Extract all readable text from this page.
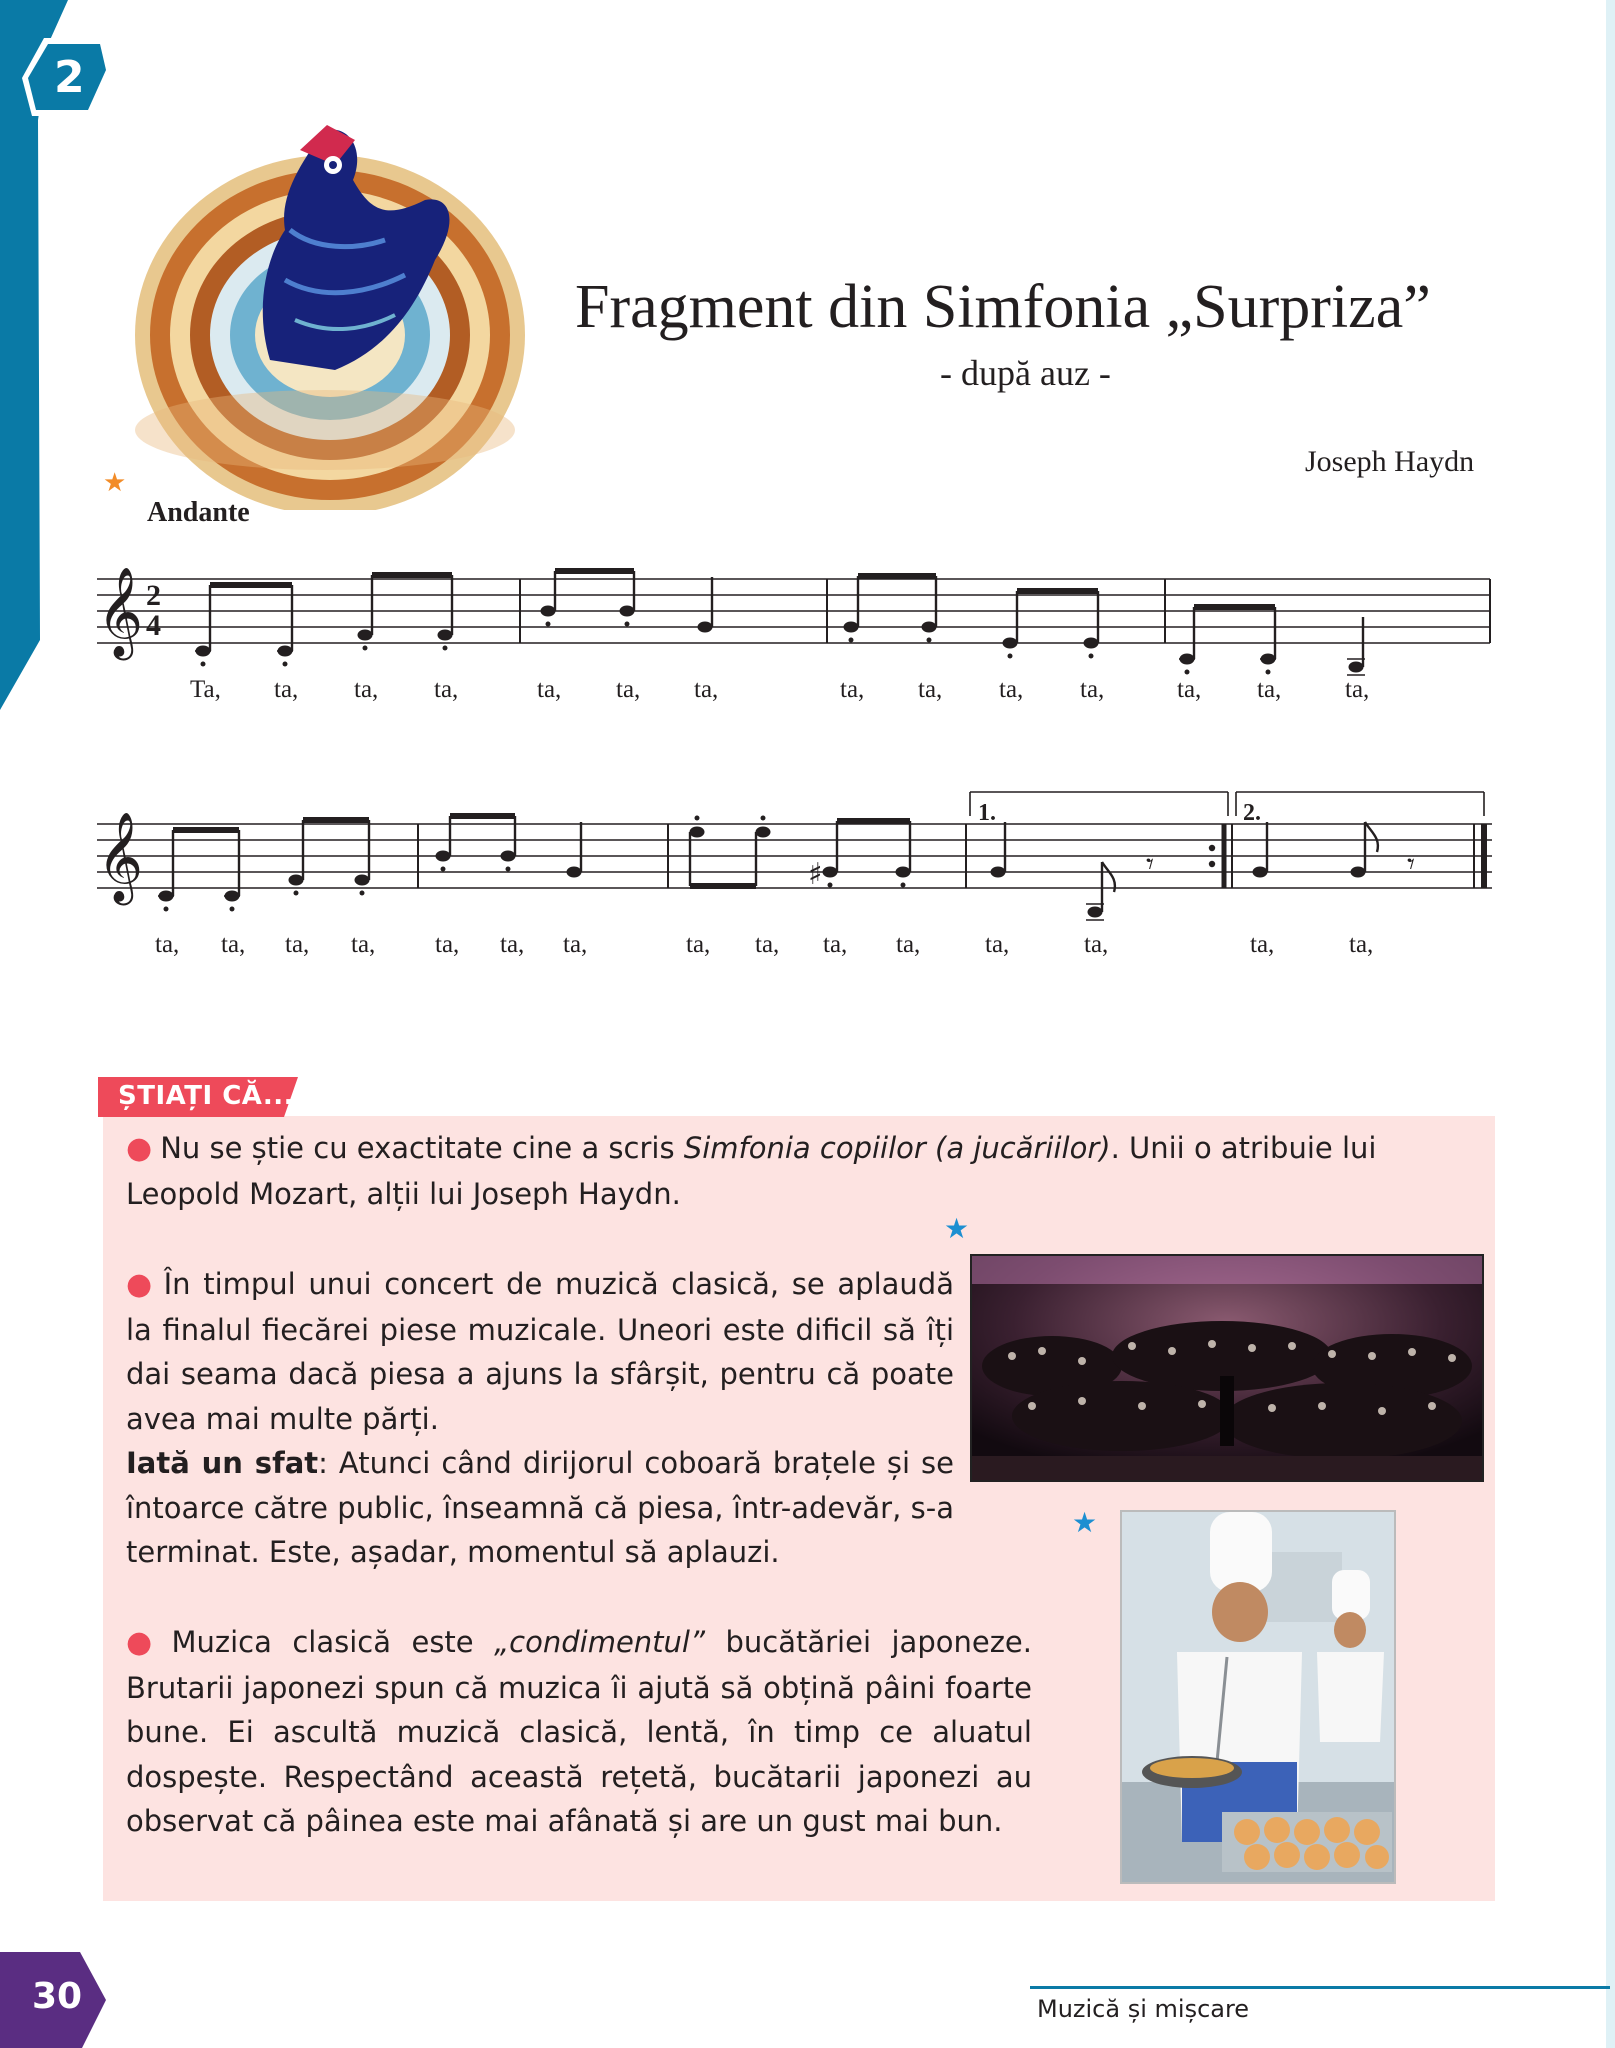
2
Fragment din Simfonia „Surpriza”
- după auz -
Joseph Haydn
★
Andante
𝄞 2
4
Ta, ta, ta, ta,	ta, ta, ta,	ta, ta, ta, ta,	ta, ta,	ta,
1.	2.
𝄞	♯	𝄾	𝄾
ta, ta, ta, ta, ta, ta, ta,	ta, ta, ta, ta,	ta,	ta,	ta,	ta,
ȘTIAȚI CĂ...
● Nu se știe cu exactitate cine a scris Simfonia copiilor (a jucăriilor). Unii o atribuie lui Leopold Mozart, alții lui Joseph Haydn.
★
● În timpul unui concert de muzică clasică, se aplaudă la finalul fiecărei piese muzicale. Uneori este dificil să îți dai seama dacă piesa a ajuns la sfârșit, pentru că poate avea mai multe părți.
Iată un sfat: Atunci când dirijorul coboară brațele și se întoarce către public, înseamnă că piesa, într-adevăr, s-a terminat. Este, așadar, momentul să aplauzi.
★
● Muzica clasică este „condimentul” bucătăriei japoneze. Brutarii japonezi spun că muzica îi ajută să obțină pâini foarte bune. Ei ascultă muzică clasică, lentă, în timp ce aluatul dospește. Respectând această rețetă, bucătarii japonezi au observat că pâinea este mai afânată și are un gust mai bun.
30	Muzică și mișcare
